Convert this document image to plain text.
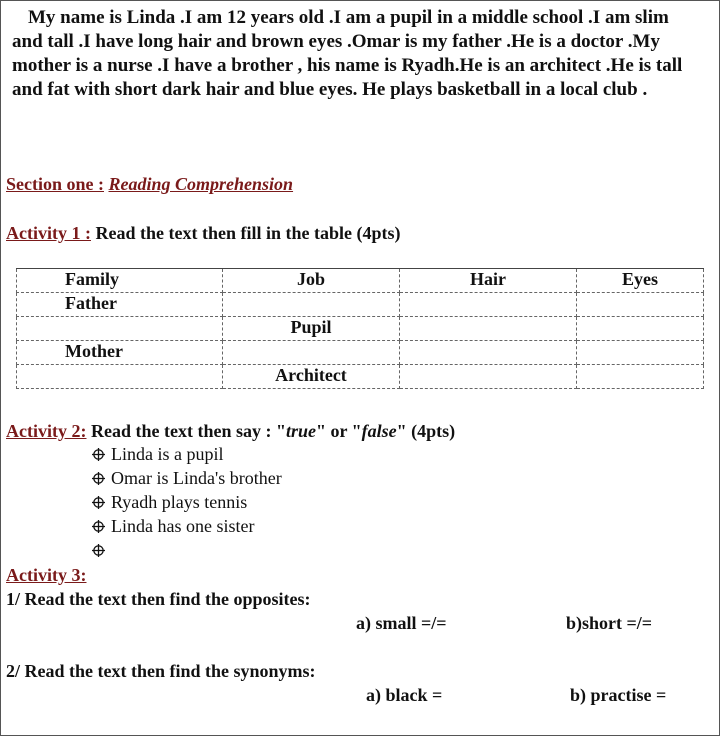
My name is Linda .I am 12 years old .I am a pupil in a middle school .I am slim and tall .I have long hair and brown eyes .Omar is my father .He is a doctor .My mother is a nurse .I have a brother , his name is Ryadh.He is an architect .He is tall and fat with short dark hair and blue eyes. He plays basketball in a local club .
Section one : Reading Comprehension
Activity 1 : Read the text then fill in the table (4pts)
Family	Job	Hair	Eyes
Father			
	Pupil		
Mother			
	Architect		
Activity 2: Read the text then say : "true" or "false" (4pts)
Linda is a pupil
Omar is Linda's brother
Ryadh plays tennis
Linda has one sister
Activity 3:
1/ Read the text then find the opposites:
a) small =/=	b)short =/=
2/ Read the text then find the synonyms:
a) black =	b) practise =
